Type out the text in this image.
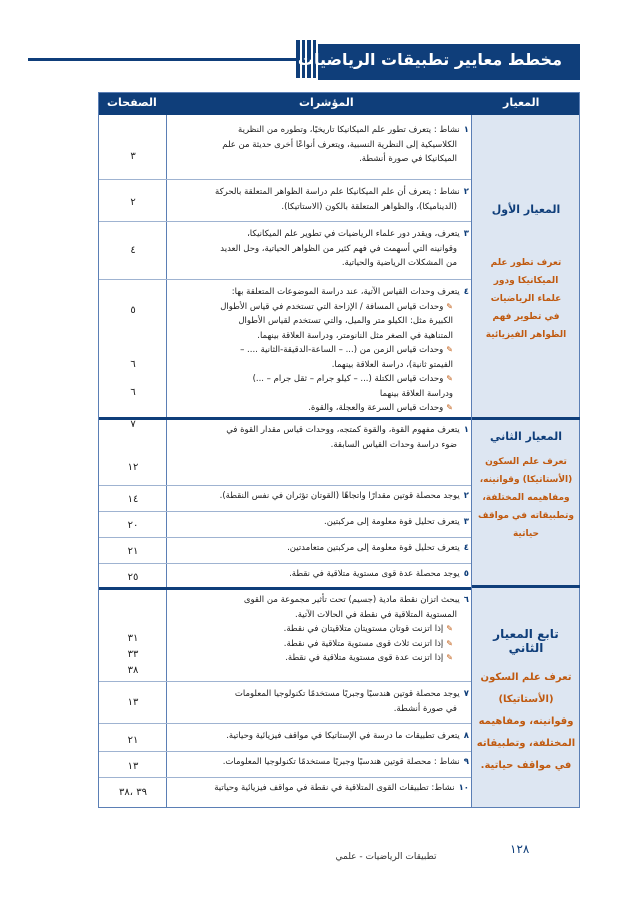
مخطط معايير تطبيقات الرياضيات
المعيار
المؤشرات
الصفحات
المعيار الأول
تعرف تطور علم
الميكانيكا ودور
علماء الرياضيات
في تطوير فهم
الظواهر الفيزيائية
المعيار الثاني
تعرف علم السكون
(الأستاتيكا) وقوانينه،
ومفاهيمه المختلفة،
وتطبيقاته في مواقف
حياتية
تابع المعيار الثاني
تعرف علم السكون
(الأستاتيكا)
وقوانينه، ومفاهيمه
المختلفة، وتطبيقاته
في مواقف حياتية.
١نشاط : يتعرف تطور علم الميكانيكا تاريخيًا، وتطوره من النظرية
الكلاسيكية إلى النظرية النسبية، ويتعرف أنواعًا أخرى حديثة من علم
الميكانيكا في صورة أنشطة.
٢نشاط : يتعرف أن علم الميكانيكا علم دراسة الظواهر المتعلقة بالحركة
(الديناميكا)، والظواهر المتعلقة بالكون (الاستاتيكا).
٣يتعرف، ويقدر دور علماء الرياضيات في تطوير علم الميكانيكا،
وقوانينه التي أسهمت في فهم كثير من الظواهر الحياتية، وحل العديد
من المشكلات الرياضية والحياتية.
٤يتعرف وحدات القياس الآتية، عند دراسة الموضوعات المتعلقة بها:

✎وحدات قياس المسافة / الإزاحة التي تستخدم في قياس الأطوال
الكبيرة مثل: الكيلو متر والميل، والتي تستخدم لقياس الأطوال
المتناهية في الصغر مثل النانومتر، ودراسة العلاقة بينهما.
✎وحدات قياس الزمن من (... – الساعة-الدقيقة-الثانية .... –
الفيمتو ثانية)، دراسة العلاقة بينهما.
✎وحدات قياس الكتلة (... – كيلو جرام – ثقل جرام – ...)
ودراسة العلاقة بينهما
✎وحدات قياس السرعة والعجلة، والقوة.
١يتعرف مفهوم القوة، والقوة كمتجه، ووحدات قياس مقدار القوة في
ضوء دراسة وحدات القياس السابقة.
٢يوجد محصلة قوتين مقدارًا واتجاهًا (القوتان تؤثران في نفس النقطة).
٣يتعرف تحليل قوة معلومة إلى مركبتين.
٤يتعرف تحليل قوة معلومة إلى مركبتين متعامدتين.
٥يوجد محصلة عدة قوى مستوية متلاقية في نقطة.
٦يبحث اتزان نقطة مادية (جسيم) تحت تأثير مجموعة من القوى
المستوية المتلاقية في نقطة في الحالات الآتية.
✎إذا اتزنت قوتان مستويتان متلاقيتان في نقطة.
✎إذا اتزنت ثلاث قوى مستوية متلاقية في نقطة.
✎إذا اتزنت عدة قوى مستوية متلاقية في نقطة.
٧يوجد محصلة قوتين هندسيًا وجبريًا مستخدمًا تكنولوجيا المعلومات
في صورة أنشطة.
٨يتعرف تطبيقات ما درسة في الإستاتيكا في مواقف فيزيائية وحياتية.
٩نشاط : محصلة قوتين هندسيًا وجبريًا مستخدمًا تكنولوجيا المعلومات.
١٠نشاط: تطبيقات القوى المتلاقية في نقطة في مواقف فيزيائية وحياتية
٣
٢
٤
٥
٦
٦
٧
١٢
١٤
٢٠
٢١
٢٥
٣١
٣٣
٣٨
١٣
٢١
١٣
٣٩ ،٣٨
١٢٨
تطبيقات الرياضيات - علمي
